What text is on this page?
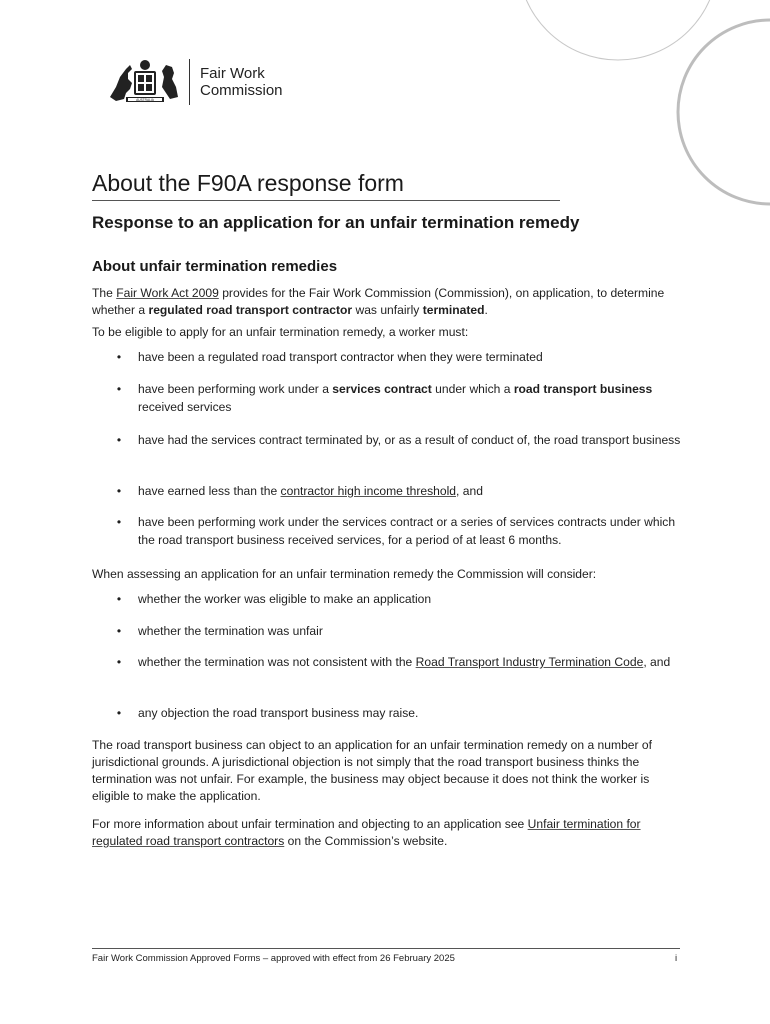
AUSTRALIA
Fair Work
Commission
About the F90A response form
Response to an application for an unfair termination remedy
About unfair termination remedies

The Fair Work Act 2009 provides for the Fair Work Commission (Commission), on application, to determine whether a regulated road transport contractor was unfairly terminated.

To be eligible to apply for an unfair termination remedy, a worker must:
• have been a regulated road transport contractor when they were terminated
• have been performing work under a services contract under which a road transport business received services
• have had the services contract terminated by, or as a result of conduct of, the road transport business
• have earned less than the contractor high income threshold, and
• have been performing work under the services contract or a series of services contracts under which the road transport business received services, for a period of at least 6 months.
When assessing an application for an unfair termination remedy the Commission will consider:
• whether the worker was eligible to make an application
• whether the termination was unfair
• whether the termination was not consistent with the Road Transport Industry Termination Code, and
• any objection the road transport business may raise.
The road transport business can object to an application for an unfair termination remedy on a number of jurisdictional grounds. A jurisdictional objection is not simply that the road transport business thinks the termination was not unfair. For example, the business may object because it does not think the worker is eligible to make the application.

For more information about unfair termination and objecting to an application see Unfair termination for regulated road transport contractors on the Commission’s website.

Fair Work Commission Approved Forms – approved with effect from 26 February 2025	i
